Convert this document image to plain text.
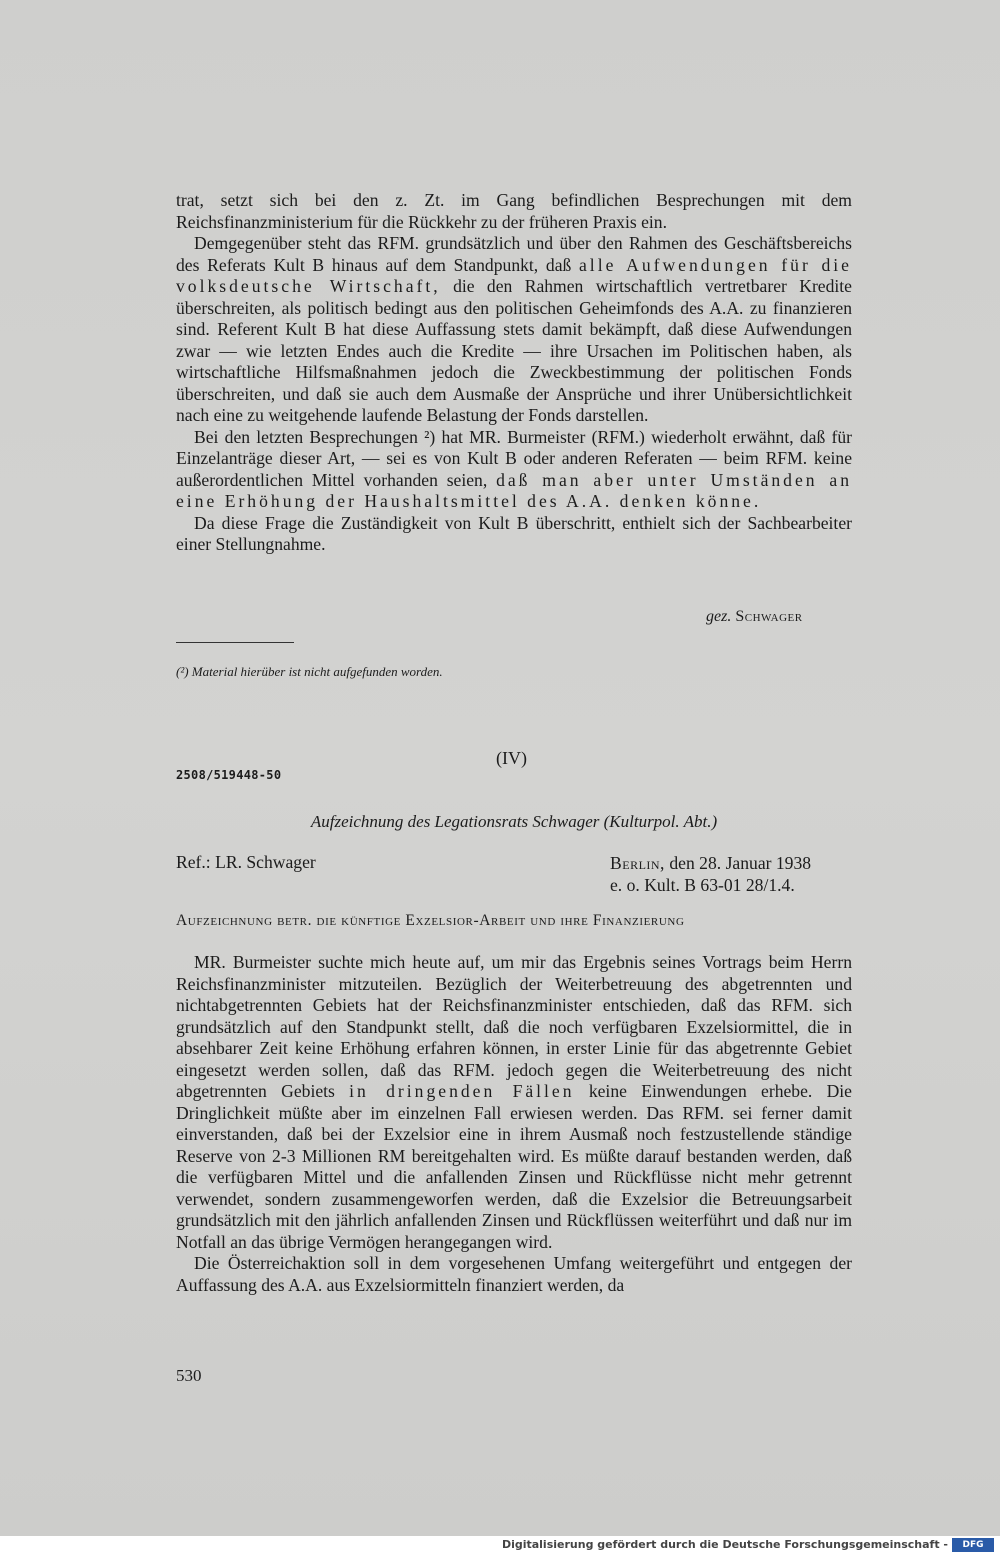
trat, setzt sich bei den z. Zt. im Gang befindlichen Besprechungen mit dem Reichsfinanzministerium für die Rückkehr zu der früheren Praxis ein.

Demgegenüber steht das RFM. grundsätzlich und über den Rahmen des Geschäftsbereichs des Referats Kult B hinaus auf dem Standpunkt, daß alle Aufwendungen für die volksdeutsche Wirtschaft, die den Rahmen wirtschaftlich vertretbarer Kredite überschreiten, als politisch bedingt aus den politischen Geheimfonds des A.A. zu finanzieren sind. Referent Kult B hat diese Auffassung stets damit bekämpft, daß diese Aufwendungen zwar — wie letzten Endes auch die Kredite — ihre Ursachen im Politischen haben, als wirtschaftliche Hilfsmaßnahmen jedoch die Zweckbestimmung der politischen Fonds überschreiten, und daß sie auch dem Ausmaße der Ansprüche und ihrer Unübersichtlichkeit nach eine zu weitgehende laufende Belastung der Fonds darstellen.

Bei den letzten Besprechungen ²) hat MR. Burmeister (RFM.) wiederholt erwähnt, daß für Einzelanträge dieser Art, — sei es von Kult B oder anderen Referaten — beim RFM. keine außerordentlichen Mittel vorhanden seien, daß man aber unter Umständen an eine Erhöhung der Haushaltsmittel des A.A. denken könne.

Da diese Frage die Zuständigkeit von Kult B überschritt, enthielt sich der Sachbearbeiter einer Stellungnahme.

gez. Schwager
(²) Material hierüber ist nicht aufgefunden worden.
(IV)
2508/519448-50
Aufzeichnung des Legationsrats Schwager (Kulturpol. Abt.)
Ref.: LR. Schwager	Berlin, den 28. Januar 1938
e. o. Kult. B 63-01 28/1.4.
Aufzeichnung betr. die künftige Exzelsior-Arbeit und ihre Finanzierung

MR. Burmeister suchte mich heute auf, um mir das Ergebnis seines Vortrags beim Herrn Reichsfinanzminister mitzuteilen. Bezüglich der Weiterbetreuung des abgetrennten und nichtabgetrennten Gebiets hat der Reichsfinanzminister entschieden, daß das RFM. sich grundsätzlich auf den Standpunkt stellt, daß die noch verfügbaren Exzelsiormittel, die in absehbarer Zeit keine Erhöhung erfahren können, in erster Linie für das abgetrennte Gebiet eingesetzt werden sollen, daß das RFM. jedoch gegen die Weiterbetreuung des nicht abgetrennten Gebiets in dringenden Fällen keine Einwendungen erhebe. Die Dringlichkeit müßte aber im einzelnen Fall erwiesen werden. Das RFM. sei ferner damit einverstanden, daß bei der Exzelsior eine in ihrem Ausmaß noch festzustellende ständige Reserve von 2-3 Millionen RM bereitgehalten wird. Es müßte darauf bestanden werden, daß die verfügbaren Mittel und die anfallenden Zinsen und Rückflüsse nicht mehr getrennt verwendet, sondern zusammengeworfen werden, daß die Exzelsior die Betreuungsarbeit grundsätzlich mit den jährlich anfallenden Zinsen und Rückflüssen weiterführt und daß nur im Notfall an das übrige Vermögen herangegangen wird.

Die Österreichaktion soll in dem vorgesehenen Umfang weitergeführt und entgegen der Auffassung des A.A. aus Exzelsiormitteln finanziert werden, da

530
Digitalisierung gefördert durch die Deutsche Forschungsgemeinschaft -	DFG
